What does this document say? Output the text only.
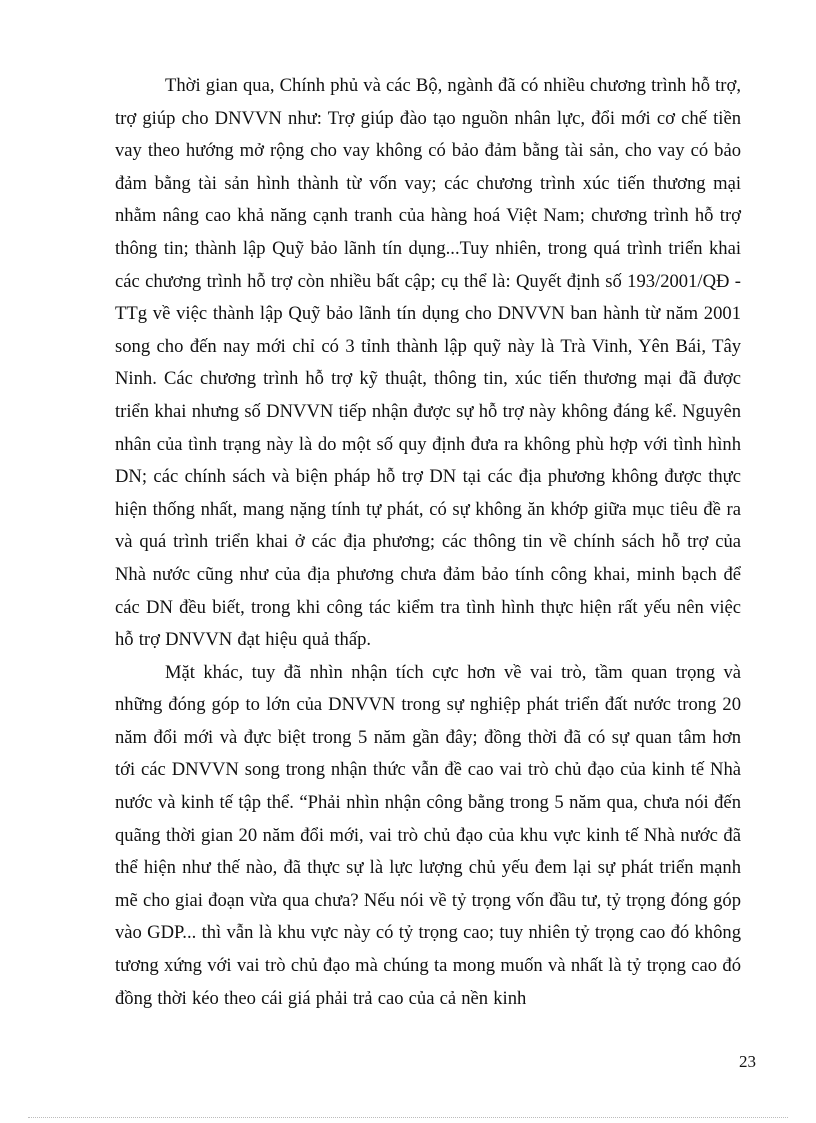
Thời gian qua, Chính phủ và các Bộ, ngành đã có nhiều chương trình hỗ trợ, trợ giúp cho DNVVN như: Trợ giúp đào tạo nguồn nhân lực, đổi mới cơ chế tiền vay theo hướng mở rộng cho vay không có bảo đảm bằng tài sản, cho vay có bảo đảm bằng tài sản hình thành từ vốn vay; các chương trình xúc tiến thương mại nhằm nâng cao khả năng cạnh tranh của hàng hoá Việt Nam; chương trình hỗ trợ thông tin; thành lập Quỹ bảo lãnh tín dụng...Tuy nhiên, trong quá trình triển khai các chương trình hỗ trợ còn nhiều bất cập; cụ thể là: Quyết định số 193/2001/QĐ - TTg về việc thành lập Quỹ bảo lãnh tín dụng cho DNVVN ban hành từ năm 2001 song cho đến nay mới chỉ có 3 tỉnh thành lập quỹ này là Trà Vinh, Yên Bái, Tây Ninh. Các chương trình hỗ trợ kỹ thuật, thông tin, xúc tiến thương mại đã được triển khai nhưng số DNVVN tiếp nhận được sự hỗ trợ này không đáng kể. Nguyên nhân của tình trạng này là do một số quy định đưa ra không phù hợp với tình hình DN; các chính sách và biện pháp hỗ trợ DN tại các địa phương không được thực hiện thống nhất, mang nặng tính tự phát, có sự không ăn khớp giữa mục tiêu đề ra và quá trình triển khai ở các địa phương; các thông tin về chính sách hỗ trợ của Nhà nước cũng như của địa phương chưa đảm bảo tính công khai, minh bạch để các DN đều biết, trong khi công tác kiểm tra tình hình thực hiện rất yếu nên việc hỗ trợ DNVVN đạt hiệu quả thấp.

Mặt khác, tuy đã nhìn nhận tích cực hơn về vai trò, tầm quan trọng và những đóng góp to lớn của DNVVN trong sự nghiệp phát triển đất nước trong 20 năm đổi mới và đực biệt trong 5 năm gần đây; đồng thời đã có sự quan tâm hơn tới các DNVVN song trong nhận thức vẫn đề cao vai trò chủ đạo của kinh tế Nhà nước và kinh tế tập thể. “Phải nhìn nhận công bằng trong 5 năm qua, chưa nói đến quãng thời gian 20 năm đổi mới, vai trò chủ đạo của khu vực kinh tế Nhà nước đã thể hiện như thế nào, đã thực sự là lực lượng chủ yếu đem lại sự phát triển mạnh mẽ cho giai đoạn vừa qua chưa? Nếu nói về tỷ trọng vốn đầu tư, tỷ trọng đóng góp vào GDP... thì vẫn là khu vực này có tỷ trọng cao; tuy nhiên tỷ trọng cao đó không tương xứng với vai trò chủ đạo mà chúng ta mong muốn và nhất là tỷ trọng cao đó đồng thời kéo theo cái giá phải trả cao của cả nền kinh

23
